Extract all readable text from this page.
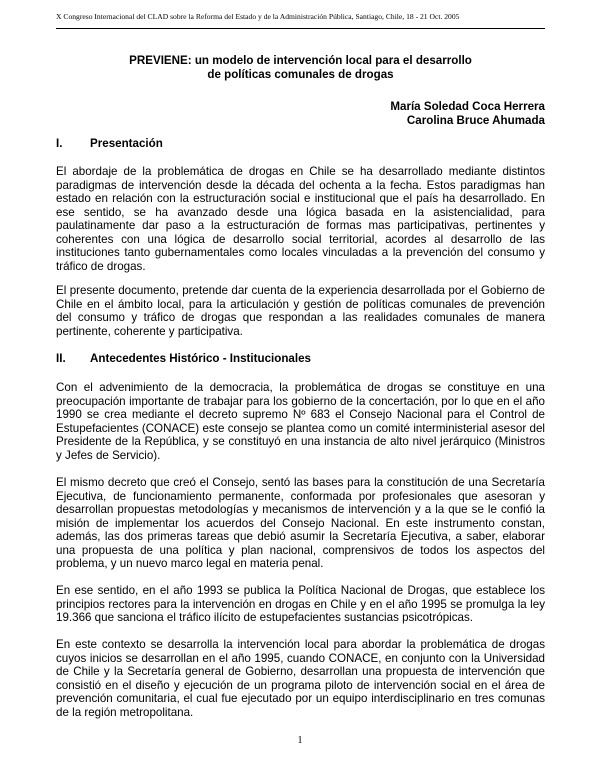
X Congreso Internacional del CLAD sobre la Reforma del Estado y de la Administración Pública, Santiago, Chile, 18 - 21 Oct. 2005
PREVIENE: un modelo de intervención local para el desarrollo
de políticas comunales de drogas
María Soledad Coca Herrera
Carolina Bruce Ahumada
I. Presentación

El abordaje de la problemática de drogas en Chile se ha desarrollado mediante distintos paradigmas de intervención desde la década del ochenta a la fecha. Estos paradigmas han estado en relación con la estructuración social e institucional que el país ha desarrollado. En ese sentido, se ha avanzado desde una lógica basada en la asistencialidad, para paulatinamente dar paso a la estructuración de formas mas participativas, pertinentes y coherentes con una lógica de desarrollo social territorial, acordes al desarrollo de las instituciones tanto gubernamentales como locales vinculadas a la prevención del consumo y tráfico de drogas.

El presente documento, pretende dar cuenta de la experiencia desarrollada por el Gobierno de Chile en el ámbito local, para la articulación y gestión de políticas comunales de prevención del consumo y tráfico de drogas que respondan a las realidades comunales de manera pertinente, coherente y participativa.

II. Antecedentes Histórico - Institucionales

Con el advenimiento de la democracia, la problemática de drogas se constituye en una preocupación importante de trabajar para los gobierno de la concertación, por lo que en el año 1990 se crea mediante el decreto supremo Nº 683 el Consejo Nacional para el Control de Estupefacientes (CONACE) este consejo se plantea como un comité interministerial asesor del Presidente de la República, y se constituyó en una instancia de alto nivel jerárquico (Ministros y Jefes de Servicio).

El mismo decreto que creó el Consejo, sentó las bases para la constitución de una Secretaría Ejecutiva, de funcionamiento permanente, conformada por profesionales que asesoran y desarrollan propuestas metodologías y mecanismos de intervención y a la que se le confió la misión de implementar los acuerdos del Consejo Nacional. En este instrumento constan, además, las dos primeras tareas que debió asumir la Secretaría Ejecutiva, a saber, elaborar una propuesta de una política y plan nacional, comprensivos de todos los aspectos del problema, y un nuevo marco legal en materia penal.

En ese sentido, en el año 1993 se publica la Política Nacional de Drogas, que establece los principios rectores para la intervención en drogas en Chile y en el año 1995 se promulga la ley 19.366 que sanciona el tráfico ilícito de estupefacientes sustancias psicotrópicas.

En este contexto se desarrolla la intervención local para abordar la problemática de drogas cuyos inicios se desarrollan en el año 1995, cuando CONACE, en conjunto con la Universidad de Chile y la Secretaría general de Gobierno, desarrollan una propuesta de intervención que consistió en el diseño y ejecución de un programa piloto de intervención social en el área de prevención comunitaria, el cual fue ejecutado por un equipo interdisciplinario en tres comunas de la región metropolitana.

1
